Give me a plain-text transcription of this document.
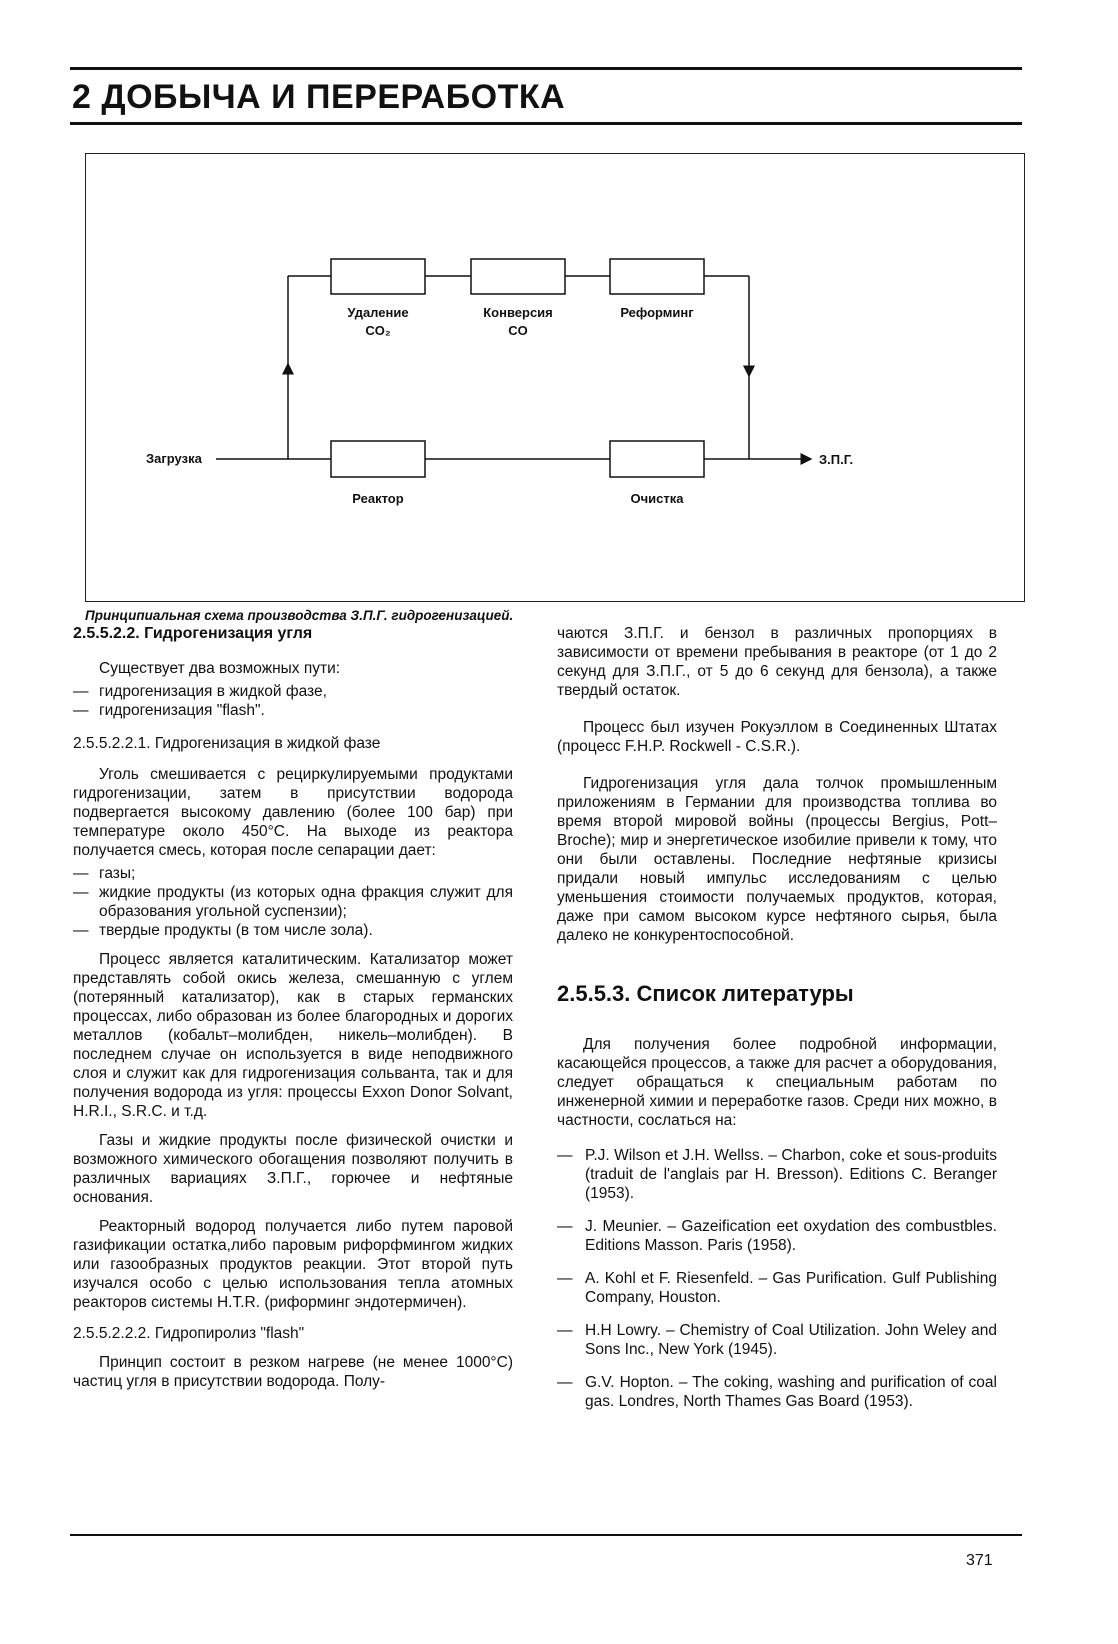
2 ДОБЫЧА И ПЕРЕРАБОТКА
Удаление
CO₂
Конверсия
CO
Реформинг
Загрузка
Реактор	Очистка
З.П.Г.
Принципиальная схема производства З.П.Г. гидрогенизацией.

2.5.5.2.2. Гидрогенизация угля

Существует два возможных пути:

— гидрогенизация в жидкой фазе,
— гидрогенизация "flash".

2.5.5.2.2.1. Гидрогенизация в жидкой фазе

Уголь смешивается с рециркулируемыми продуктами гидрогенизации, затем в присутствии водорода подвергается высокому давлению (более 100 бар) при температуре около 450°C. На выходе из реактора получается смесь, которая после сепарации дает:

— газы;
— жидкие продукты (из которых одна фракция служит для образования угольной суспензии);
— твердые продукты (в том числе зола).

Процесс является каталитическим. Катализатор может представлять собой окись железа, смешанную с углем (потерянный катализатор), как в старых германских процессах, либо образован из более благородных и дорогих металлов (кобальт–молибден, никель–молибден). В последнем случае он используется в виде неподвижного слоя и служит как для гидрогенизация сольванта, так и для получения водорода из угля: процессы Exxon Donor Solvant, H.R.I., S.R.C. и т.д.

Газы и жидкие продукты после физической очистки и возможного химического обогащения позволяют получить в различных вариациях З.П.Г., горючее и нефтяные основания.

Реакторный водород получается либо путем паровой газификации остатка,либо паровым рифорфмингом жидких или газообразных продуктов реакции. Этот второй путь изучался особо с целью использования тепла атомных реакторов системы H.T.R. (риформинг эндотермичен).

2.5.5.2.2.2. Гидропиролиз "flash"

Принцип состоит в резком нагреве (не менее 1000°C) частиц угля в присутствии водорода. Полу-

чаются З.П.Г. и бензол в различных пропорциях в зависимости от времени пребывания в реакторе (от 1 до 2 секунд для З.П.Г., от 5 до 6 секунд для бензола), а также твердый остаток.

Процесс был изучен Рокуэллом в Соединенных Штатах (процесс F.H.P. Rockwell - C.S.R.).

Гидрогенизация угля дала толчок промышленным приложениям в Германии для производства топлива во время второй мировой войны (процессы Bergius, Pott–Broche); мир и энергетическое изобилие привели к тому, что они были оставлены. Последние нефтяные кризисы придали новый импульс исследованиям с целью уменьшения стоимости получаемых продуктов, которая, даже при самом высоком курсе нефтяного сырья, была далеко не конкурентоспособной.

2.5.5.3. Список литературы

Для получения более подробной информации, касающейся процессов, а также для расчет а оборудования, следует обращаться к специальным работам по инженерной химии и переработке газов. Среди них можно, в частности, сослаться на:

— P.J. Wilson et J.H. Wellss. – Charbon, coke et sous-produits (traduit de l'anglais par H. Bresson). Editions C. Beranger (1953).
— J. Meunier. – Gazeification eet oxydation des combustbles. Editions Masson. Paris (1958).
— A. Kohl et F. Riesenfeld. – Gas Purification. Gulf Publishing Company, Houston.
— H.H Lowry. – Chemistry of Coal Utilization. John Weley and Sons Inc., New York (1945).
— G.V. Hopton. – The coking, washing and purification of coal gas. Londres, North Thames Gas Board (1953).
371
